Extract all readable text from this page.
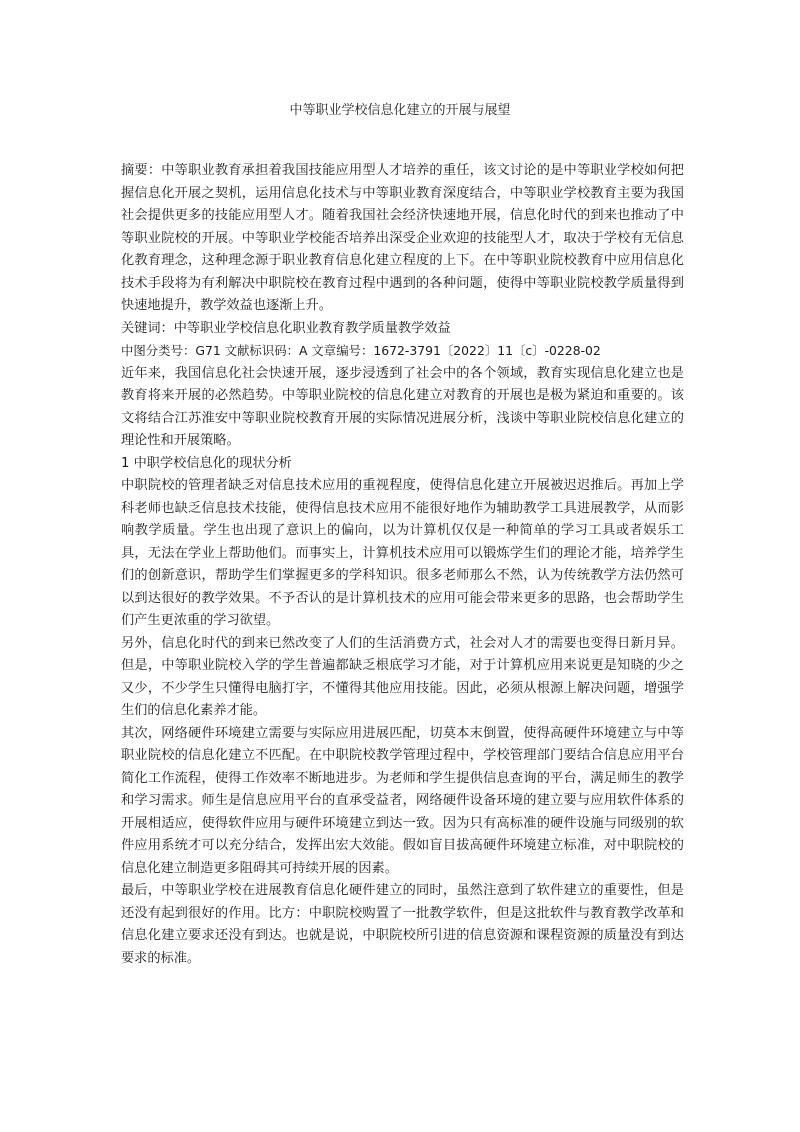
中等职业学校信息化建立的开展与展望

摘要：中等职业教育承担着我国技能应用型人才培养的重任，该文讨论的是中等职业学校如何把握信息化开展之契机，运用信息化技术与中等职业教育深度结合，中等职业学校教育主要为我国社会提供更多的技能应用型人才。随着我国社会经济快速地开展，信息化时代的到来也推动了中等职业院校的开展。中等职业学校能否培养出深受企业欢迎的技能型人才，取决于学校有无信息化教育理念，这种理念源于职业教育信息化建立程度的上下。在中等职业院校教育中应用信息化技术手段将为有利解决中职院校在教育过程中遇到的各种问题，使得中等职业院校教学质量得到快速地提升，教学效益也逐渐上升。

关键词：中等职业学校信息化职业教育教学质量教学效益

中图分类号：G71 文献标识码：A 文章编号：1672-3791〔2022〕11〔c〕-0228-02

近年来，我国信息化社会快速开展，逐步浸透到了社会中的各个领域，教育实现信息化建立也是教育将来开展的必然趋势。中等职业院校的信息化建立对教育的开展也是极为紧迫和重要的。该文将结合江苏淮安中等职业院校教育开展的实际情况进展分析，浅谈中等职业院校信息化建立的理论性和开展策略。

1 中职学校信息化的现状分析

中职院校的管理者缺乏对信息技术应用的重视程度，使得信息化建立开展被迟迟推后。再加上学科老师也缺乏信息技术技能，使得信息技术应用不能很好地作为辅助教学工具进展教学，从而影响教学质量。学生也出现了意识上的偏向，以为计算机仅仅是一种简单的学习工具或者娱乐工具，无法在学业上帮助他们。而事实上，计算机技术应用可以锻炼学生们的理论才能，培养学生们的创新意识，帮助学生们掌握更多的学科知识。很多老师那么不然，认为传统教学方法仍然可以到达很好的教学效果。不予否认的是计算机技术的应用可能会带来更多的思路，也会帮助学生们产生更浓重的学习欲望。

另外，信息化时代的到来已然改变了人们的生活消费方式，社会对人才的需要也变得日新月异。但是，中等职业院校入学的学生普遍都缺乏根底学习才能，对于计算机应用来说更是知晓的少之又少，不少学生只懂得电脑打字，不懂得其他应用技能。因此，必须从根源上解决问题，增强学生们的信息化素养才能。

其次，网络硬件环境建立需要与实际应用进展匹配，切莫本末倒置，使得高硬件环境建立与中等职业院校的信息化建立不匹配。在中职院校教学管理过程中，学校管理部门要结合信息应用平台简化工作流程，使得工作效率不断地进步。为老师和学生提供信息查询的平台，满足师生的教学和学习需求。师生是信息应用平台的直承受益者，网络硬件设备环境的建立要与应用软件体系的开展相适应，使得软件应用与硬件环境建立到达一致。因为只有高标准的硬件设施与同级别的软件应用系统才可以充分结合，发挥出宏大效能。假如盲目拔高硬件环境建立标准，对中职院校的信息化建立制造更多阻碍其可持续开展的因素。

最后，中等职业学校在进展教育信息化硬件建立的同时，虽然注意到了软件建立的重要性，但是还没有起到很好的作用。比方：中职院校购置了一批教学软件，但是这批软件与教育教学改革和信息化建立要求还没有到达。也就是说，中职院校所引进的信息资源和课程资源的质量没有到达要求的标准。
